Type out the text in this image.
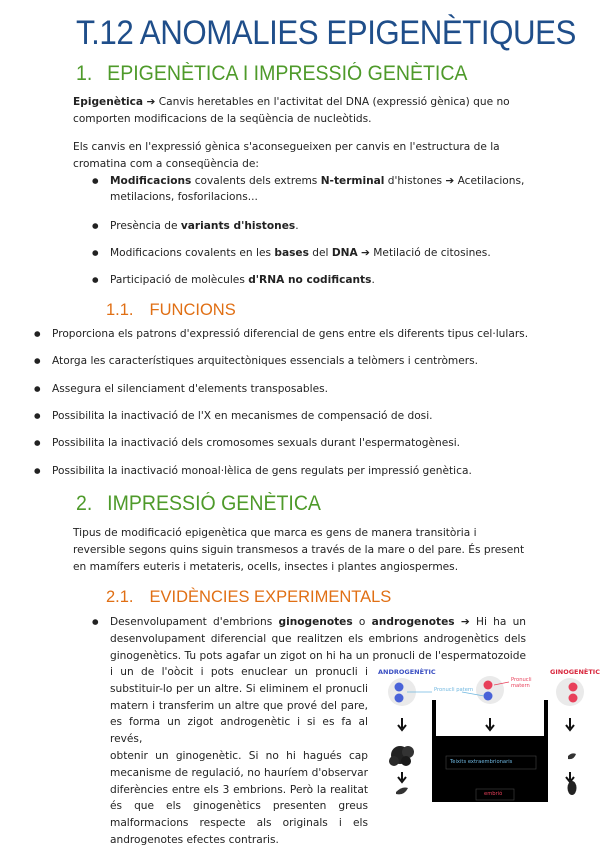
T.12 ANOMALIES EPIGENÈTIQUES
1. EPIGENÈTICA I IMPRESSIÓ GENÈTICA
Epigenètica ➔ Canvis heretables en l'activitat del DNA (expressió gènica) que no
comporten modificacions de la seqüència de nucleòtids.
Els canvis en l'expressió gènica s'aconsegueixen per canvis en l'estructura de la
cromatina com a conseqüència de:
● Modificacions covalents dels extrems N-terminal d'histones ➔ Acetilacions,
metilacions, fosforilacions...
● Presència de variants d'histones.
● Modificacions covalents en les bases del DNA ➔ Metilació de citosines.
● Participació de molècules d'RNA no codificants.
1.1. FUNCIONS
● Proporciona els patrons d'expressió diferencial de gens entre els diferents tipus cel·lulars.
● Atorga les característiques arquitectòniques essencials a telòmers i centròmers.
● Assegura el silenciament d'elements transposables.
● Possibilita la inactivació de l'X en mecanismes de compensació de dosi.
● Possibilita la inactivació dels cromosomes sexuals durant l'espermatogènesi.
● Possibilita la inactivació monoal·lèlica de gens regulats per impressió genètica.
2. IMPRESSIÓ GENÈTICA
Tipus de modificació epigenètica que marca es gens de manera transitòria i
reversible segons quins siguin transmesos a través de la mare o del pare. És present
en mamífers euteris i metateris, ocells, insectes i plantes angiospermes.
2.1. EVIDÈNCIES EXPERIMENTALS
● Desenvolupament d'embrions ginogenotes o androgenotes ➔ Hi ha un
desenvolupament diferencial que realitzen els embrions androgenètics dels
ginogenètics. Tu pots agafar un zigot on hi ha un pronucli de l'espermatozoide
i un de l'oòcit i pots enuclear un pronucli i
substituir-lo per un altre. Si eliminem el pronucli
matern i transferim un altre que prové del pare,
es forma un zigot androgenètic i si es fa al revés,
obtenir un ginogenètic. Si no hi hagués cap
mecanisme de regulació, no hauríem d'observar
diferències entre els 3 embrions. Però la realitat
és que els ginogenètics presenten greus
malformacions respecte als originals i els
androgenotes efectes contraris.
ANDROGENÈTIC	GINOGENÈTIC
Pronucli patern
Pronucli matern
Teixits extraembrionaris
embrió
